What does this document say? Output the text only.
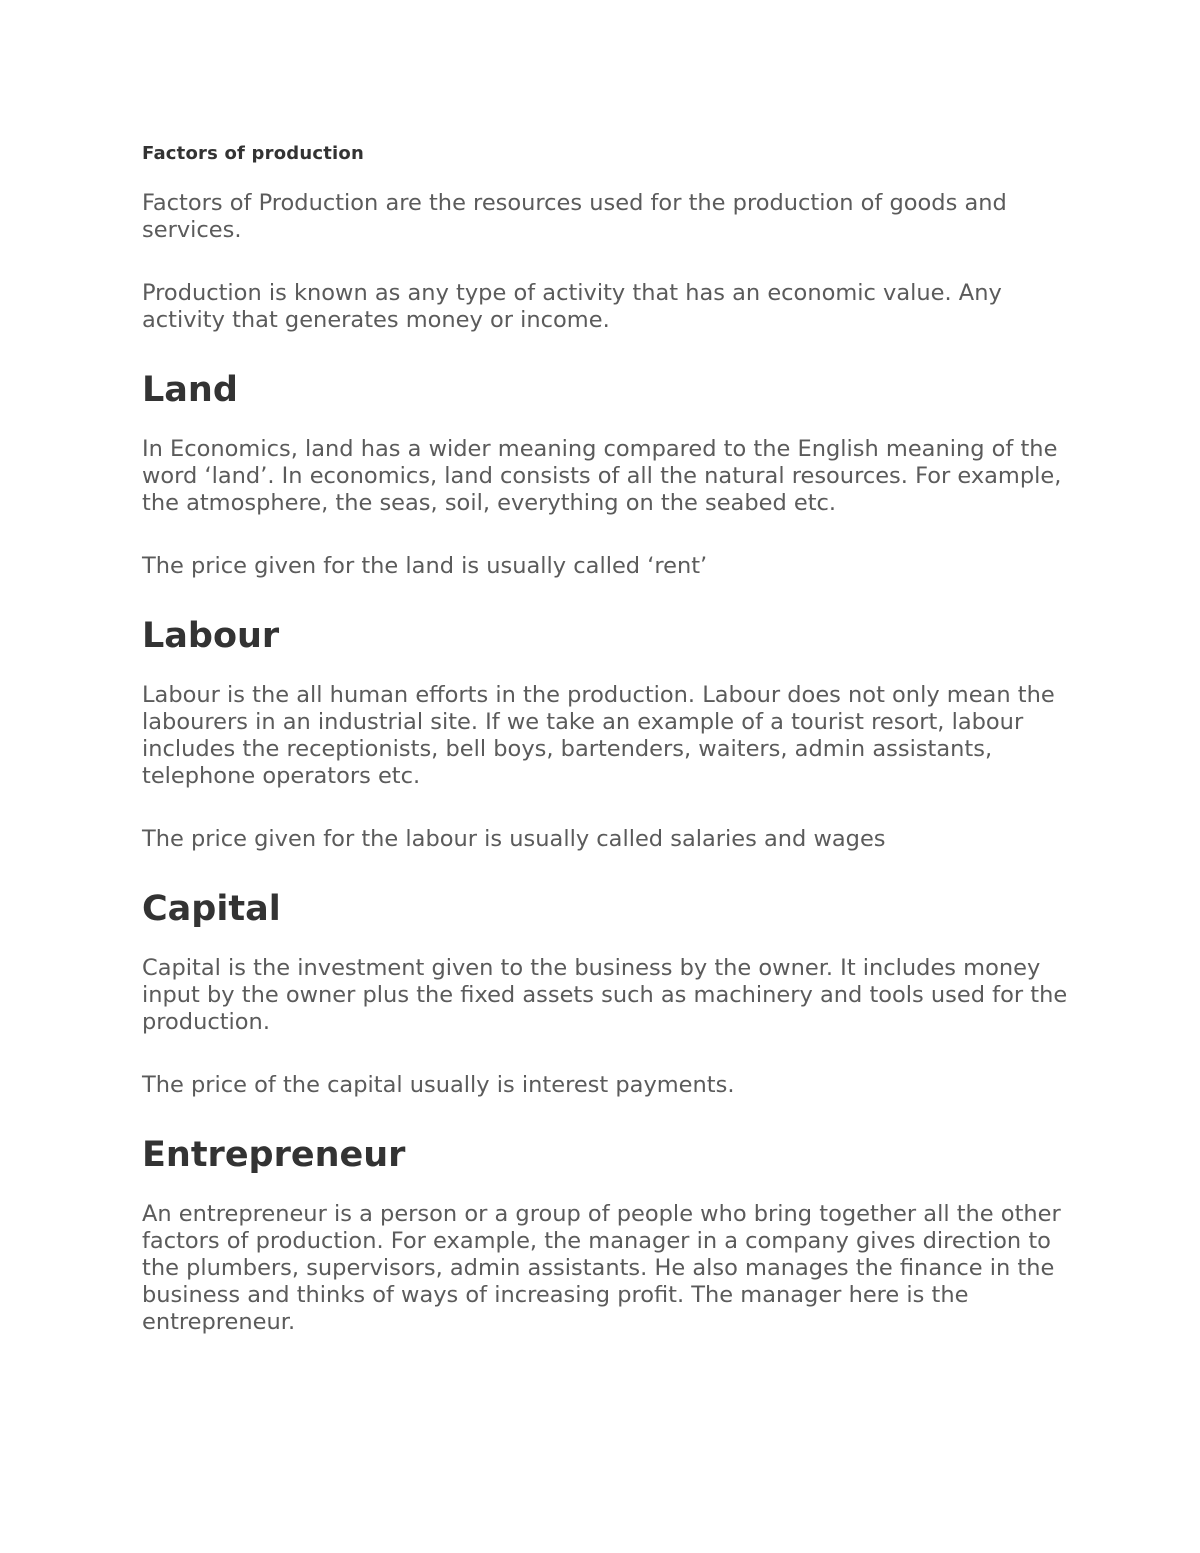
Factors of production

Factors of Production are the resources used for the production of goods and services.

Production is known as any type of activity that has an economic value. Any activity that generates money or income.

Land

In Economics, land has a wider meaning compared to the English meaning of the word ‘land’. In economics, land consists of all the natural resources. For example, the atmosphere, the seas, soil, everything on the seabed etc.

The price given for the land is usually called ‘rent’

Labour

Labour is the all human efforts in the production. Labour does not only mean the labourers in an industrial site. If we take an example of a tourist resort, labour includes the receptionists, bell boys, bartenders, waiters, admin assistants, telephone operators etc.

The price given for the labour is usually called salaries and wages

Capital

Capital is the investment given to the business by the owner. It includes money input by the owner plus the fixed assets such as machinery and tools used for the production.

The price of the capital usually is interest payments.

Entrepreneur

An entrepreneur is a person or a group of people who bring together all the other factors of production. For example, the manager in a company gives direction to the plumbers, supervisors, admin assistants. He also manages the finance in the business and thinks of ways of increasing profit. The manager here is the entrepreneur.
